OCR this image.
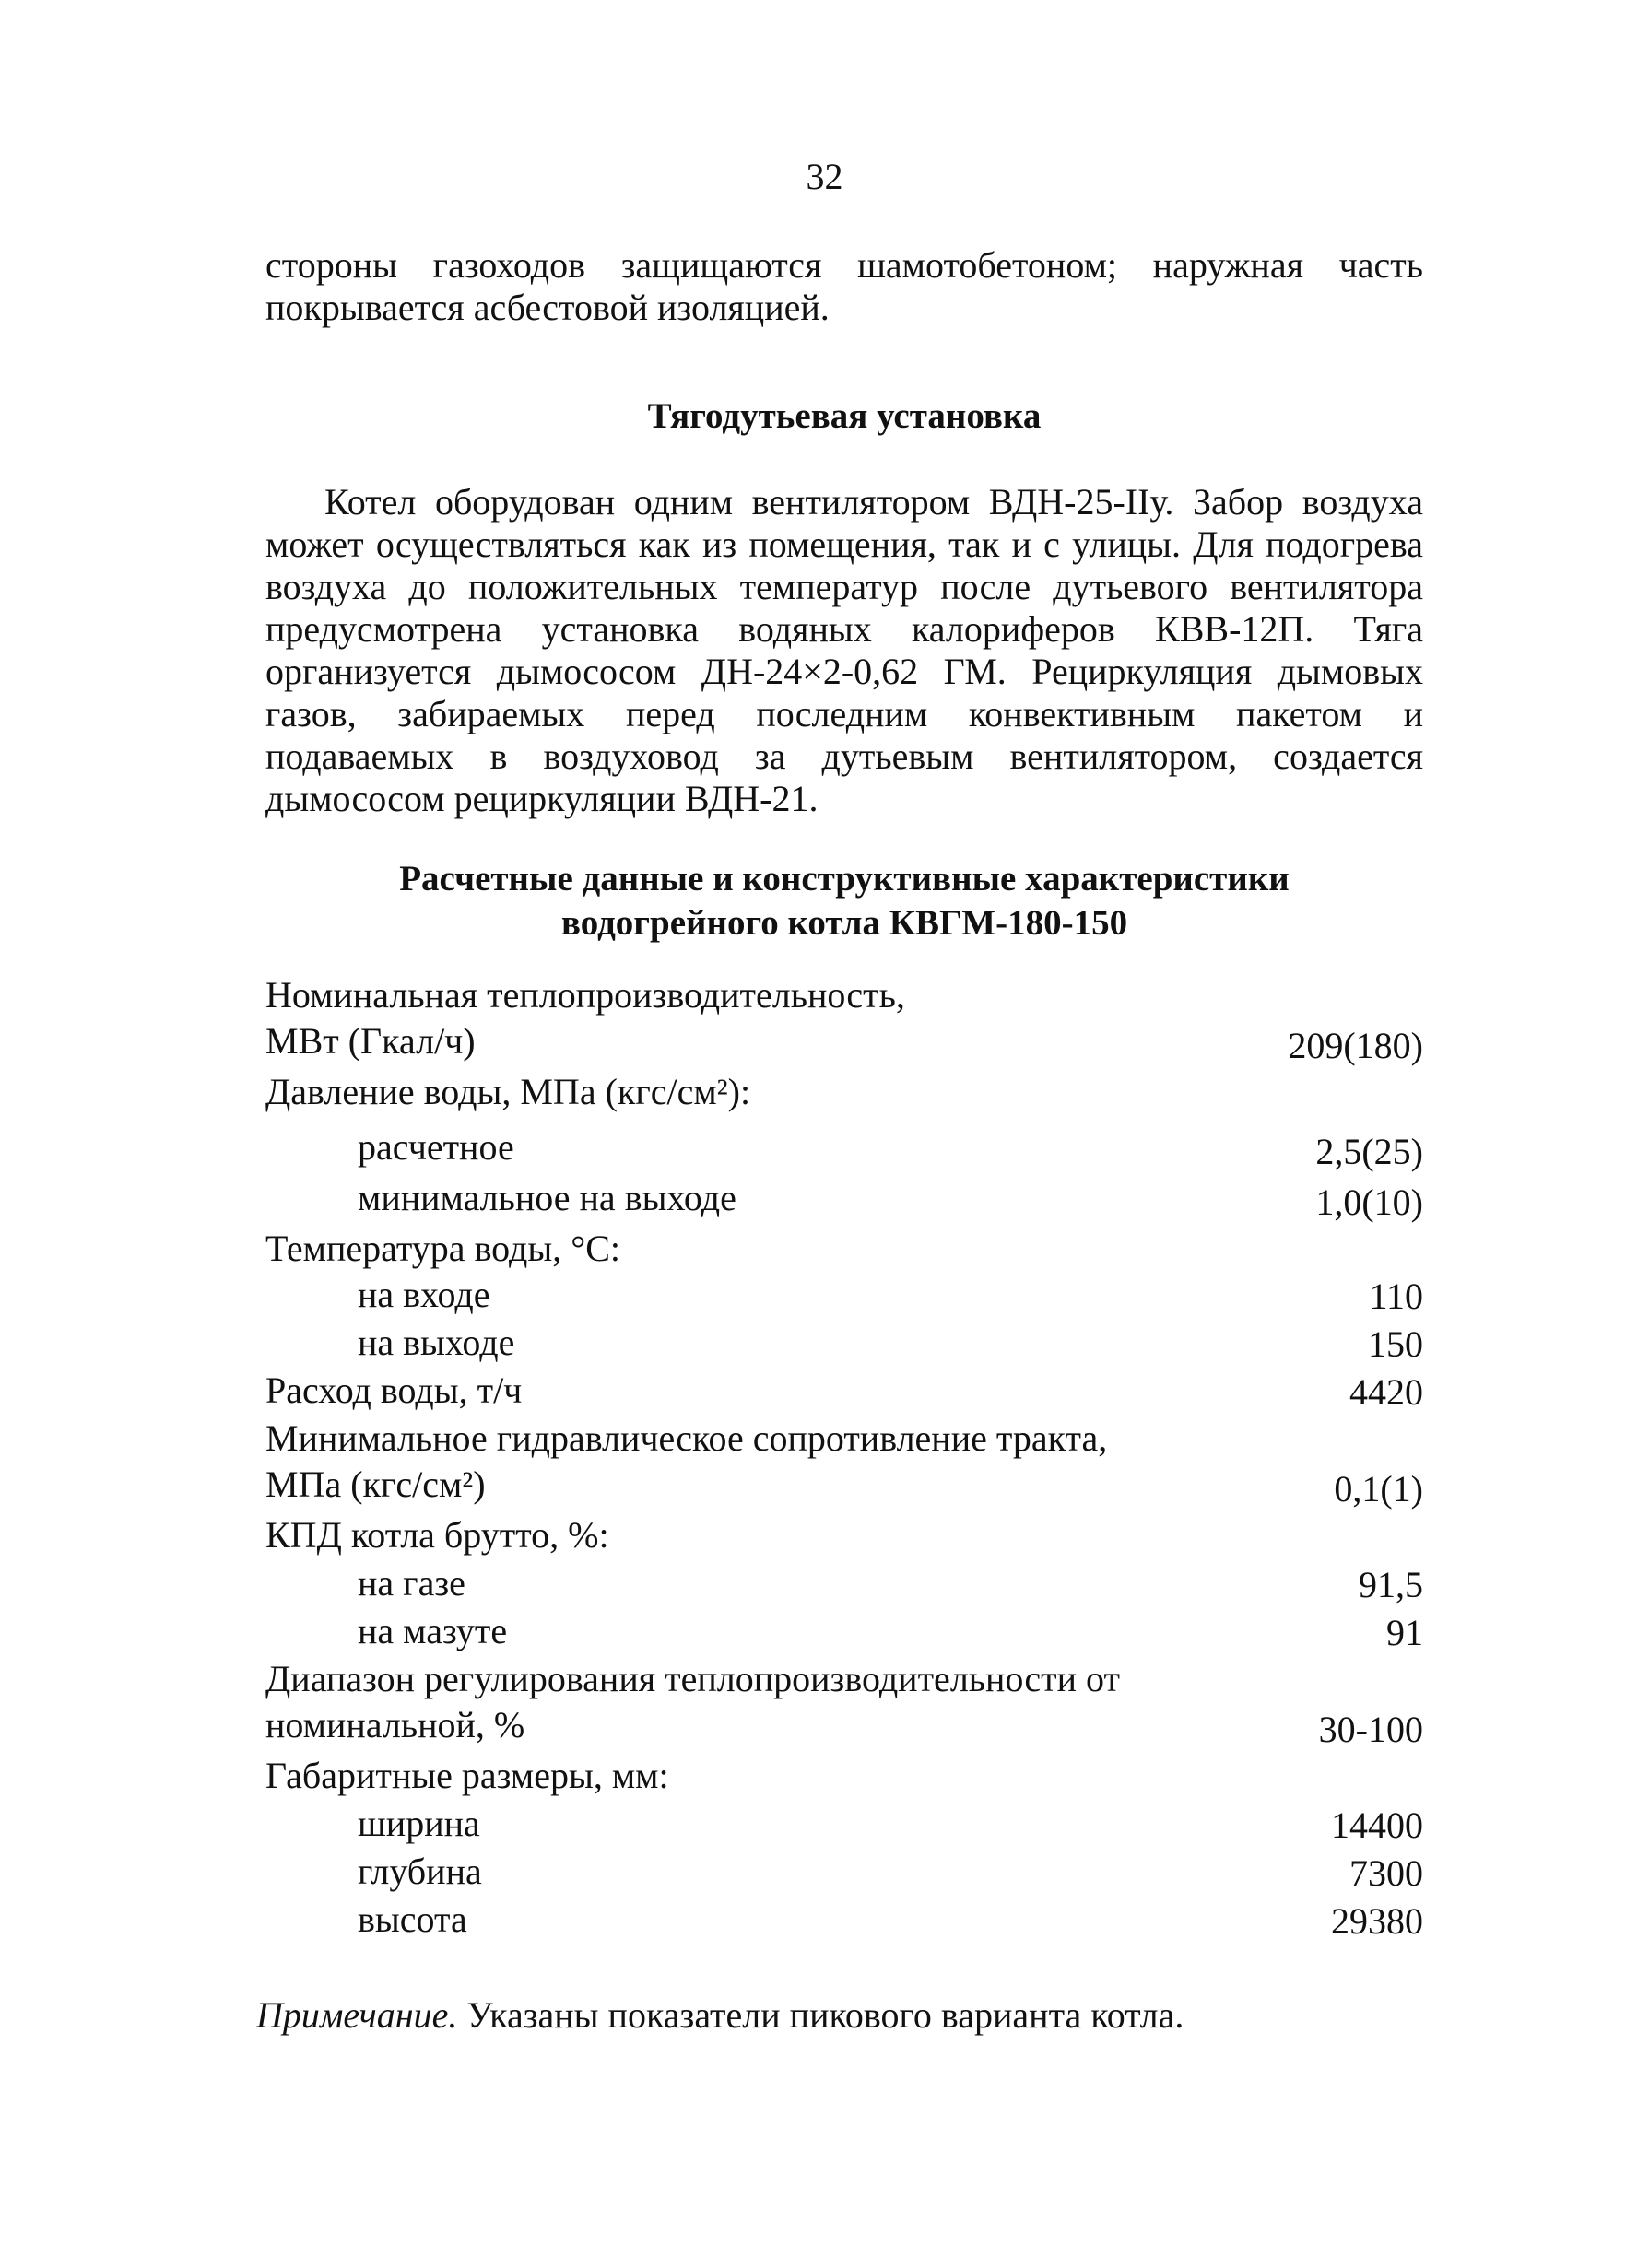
32

стороны газоходов защищаются шамотобетоном; наружная часть покрывается асбестовой изоляцией.

Тягодутьевая установка

Котел оборудован одним вентилятором ВДН-25-IIу. Забор воздуха может осуществляться как из помещения, так и с улицы. Для подогрева воздуха до положительных температур после дутьевого вентилятора предусмотрена установка водяных калориферов КВВ-12П. Тяга организуется дымососом ДН-24×2-0,62 ГМ. Рециркуляция дымовых газов, забираемых перед последним конвективным пакетом и подаваемых в воздуховод за дутьевым вентилятором, создается дымососом рециркуляции ВДН-21.

Расчетные данные и конструктивные характеристики
водогрейного котла КВГМ-180-150
Номинальная теплопроизводительность,
МВт (Гкал/ч)	209(180)
Давление воды, МПа (кгс/см²):
расчетное	2,5(25)
минимальное на выходе	1,0(10)
Температура воды, °С:
на входе	110
на выходе	150
Расход воды, т/ч	4420
Минимальное гидравлическое сопротивление тракта,
МПа (кгс/см²)	0,1(1)
КПД котла брутто, %:
на газе	91,5
на мазуте	91
Диапазон регулирования теплопроизводительности от
номинальной, %	30-100
Габаритные размеры, мм:
ширина	14400
глубина	7300
высота	29380
Примечание. Указаны показатели пикового варианта котла.
